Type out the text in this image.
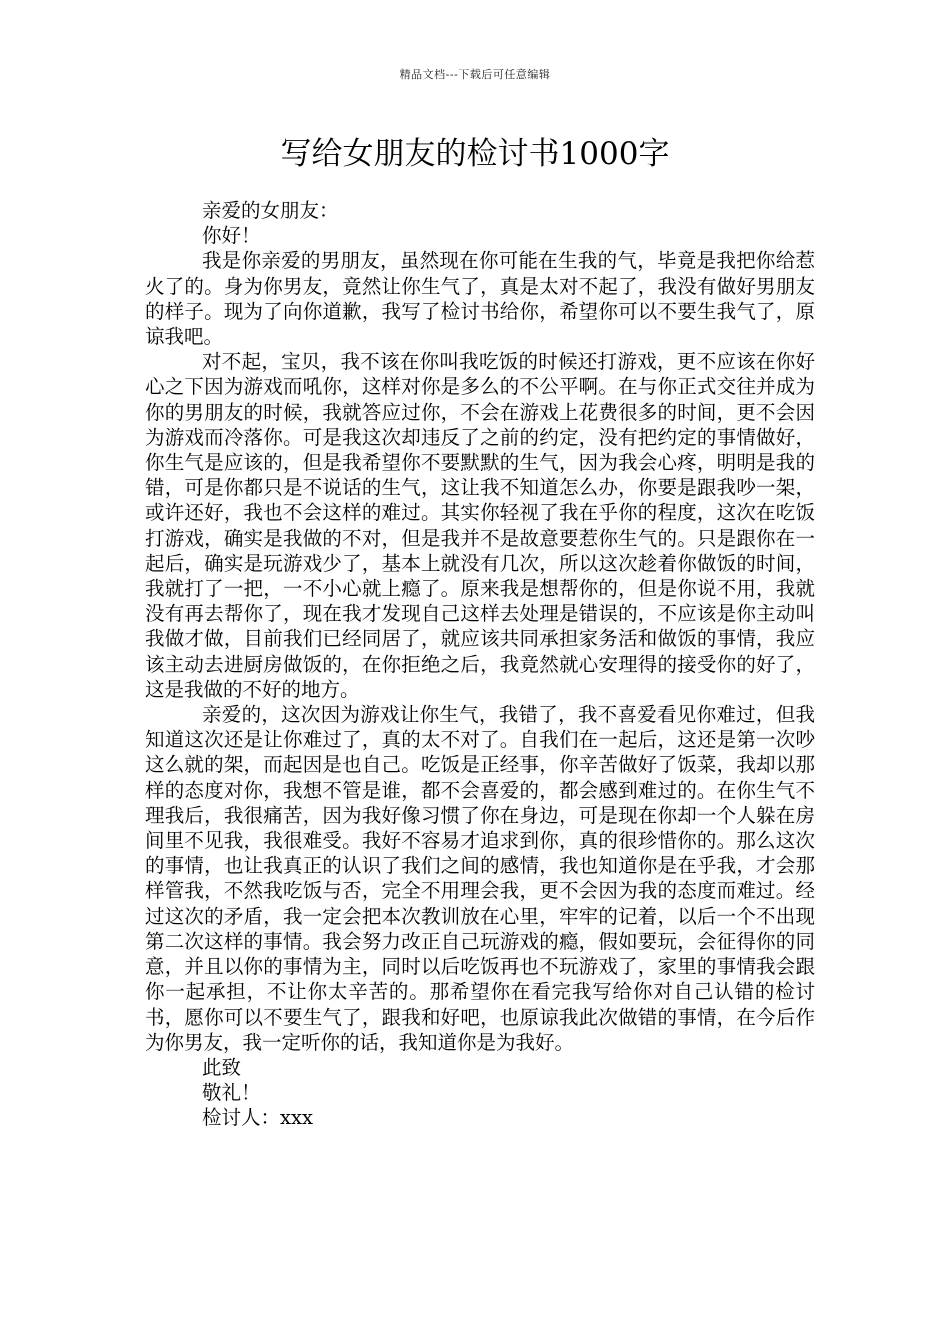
精品文档---下载后可任意编辑
写给女朋友的检讨书1000字

亲爱的女朋友：

你好！

我是你亲爱的男朋友，虽然现在你可能在生我的气，毕竟是我把你给惹火了的。身为你男友，竟然让你生气了，真是太对不起了，我没有做好男朋友的样子。现为了向你道歉，我写了检讨书给你，希望你可以不要生我气了，原谅我吧。

对不起，宝贝，我不该在你叫我吃饭的时候还打游戏，更不应该在你好心之下因为游戏而吼你，这样对你是多么的不公平啊。在与你正式交往并成为你的男朋友的时候，我就答应过你，不会在游戏上花费很多的时间，更不会因为游戏而冷落你。可是我这次却违反了之前的约定，没有把约定的事情做好，你生气是应该的，但是我希望你不要默默的生气，因为我会心疼，明明是我的错，可是你都只是不说话的生气，这让我不知道怎么办，你要是跟我吵一架，或许还好，我也不会这样的难过。其实你轻视了我在乎你的程度，这次在吃饭打游戏，确实是我做的不对，但是我并不是故意要惹你生气的。只是跟你在一起后，确实是玩游戏少了，基本上就没有几次，所以这次趁着你做饭的时间，我就打了一把，一不小心就上瘾了。原来我是想帮你的，但是你说不用，我就没有再去帮你了，现在我才发现自己这样去处理是错误的，不应该是你主动叫我做才做，目前我们已经同居了，就应该共同承担家务活和做饭的事情，我应该主动去进厨房做饭的，在你拒绝之后，我竟然就心安理得的接受你的好了，这是我做的不好的地方。

亲爱的，这次因为游戏让你生气，我错了，我不喜爱看见你难过，但我知道这次还是让你难过了，真的太不对了。自我们在一起后，这还是第一次吵这么就的架，而起因是也自己。吃饭是正经事，你辛苦做好了饭菜，我却以那样的态度对你，我想不管是谁，都不会喜爱的，都会感到难过的。在你生气不理我后，我很痛苦，因为我好像习惯了你在身边，可是现在你却一个人躲在房间里不见我，我很难受。我好不容易才追求到你，真的很珍惜你的。那么这次的事情，也让我真正的认识了我们之间的感情，我也知道你是在乎我，才会那样管我，不然我吃饭与否，完全不用理会我，更不会因为我的态度而难过。经过这次的矛盾，我一定会把本次教训放在心里，牢牢的记着，以后一个不出现第二次这样的事情。我会努力改正自己玩游戏的瘾，假如要玩，会征得你的同意，并且以你的事情为主，同时以后吃饭再也不玩游戏了，家里的事情我会跟你一起承担，不让你太辛苦的。那希望你在看完我写给你对自己认错的检讨书，愿你可以不要生气了，跟我和好吧，也原谅我此次做错的事情，在今后作为你男友，我一定听你的话，我知道你是为我好。

此致

敬礼！

检讨人：xxx
